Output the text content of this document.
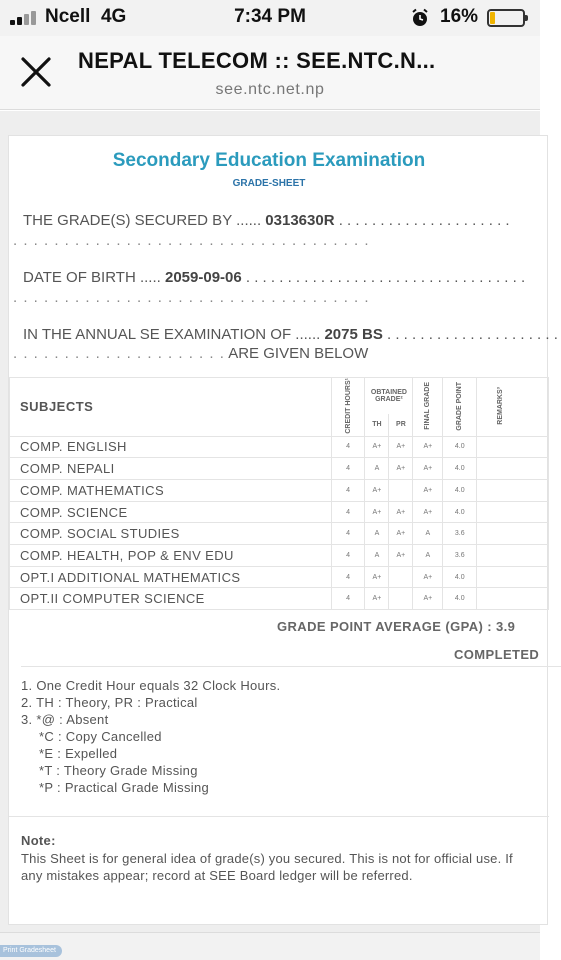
Ncell 4G	7:34 PM	16%
NEPAL TELECOM :: SEE.NTC.N...
see.ntc.net.np
Secondary Education Examination
GRADE-SHEET
THE GRADE(S) SECURED BY ...... 0313630R . . . . . . . . . . . . . . . . . . . . .
. . . . . . . . . . . . . . . . . . . . . . . . . . . . . . . . . . .
DATE OF BIRTH ..... 2059-09-06 . . . . . . . . . . . . . . . . . . . . . . . . . . . . . . . . . .
. . . . . . . . . . . . . . . . . . . . . . . . . . . . . . . . . . .
IN THE ANNUAL SE EXAMINATION OF ...... 2075 BS . . . . . . . . . . . . . . . . . . . . .
. . . . . . . . . . . . . . . . . . . . . ARE GIVEN BELOW
SUBJECTS	CREDIT HOURS¹	OBTAINED GRADE²		FINAL GRADE	GRADE POINT	REMARKS³
		TH	PR			
COMP. ENGLISH	4	A+	A+	A+	4.0	
COMP. NEPALI	4	A	A+	A+	4.0	
COMP. MATHEMATICS	4	A+		A+	4.0	
COMP. SCIENCE	4	A+	A+	A+	4.0	
COMP. SOCIAL STUDIES	4	A	A+	A	3.6	
COMP. HEALTH, POP & ENV EDU	4	A	A+	A	3.6	
OPT.I ADDITIONAL MATHEMATICS	4	A+		A+	4.0	
OPT.II COMPUTER SCIENCE	4	A+		A+	4.0	
GRADE POINT AVERAGE (GPA) : 3.9
COMPLETED
1. One Credit Hour equals 32 Clock Hours.
2. TH : Theory, PR : Practical
3. *@ : Absent
*C : Copy Cancelled
*E : Expelled
*T : Theory Grade Missing
*P : Practical Grade Missing
Note:
This Sheet is for general idea of grade(s) you secured. This is not for official use. If any mistakes appear; record at SEE Board ledger will be referred.
Print Gradesheet
